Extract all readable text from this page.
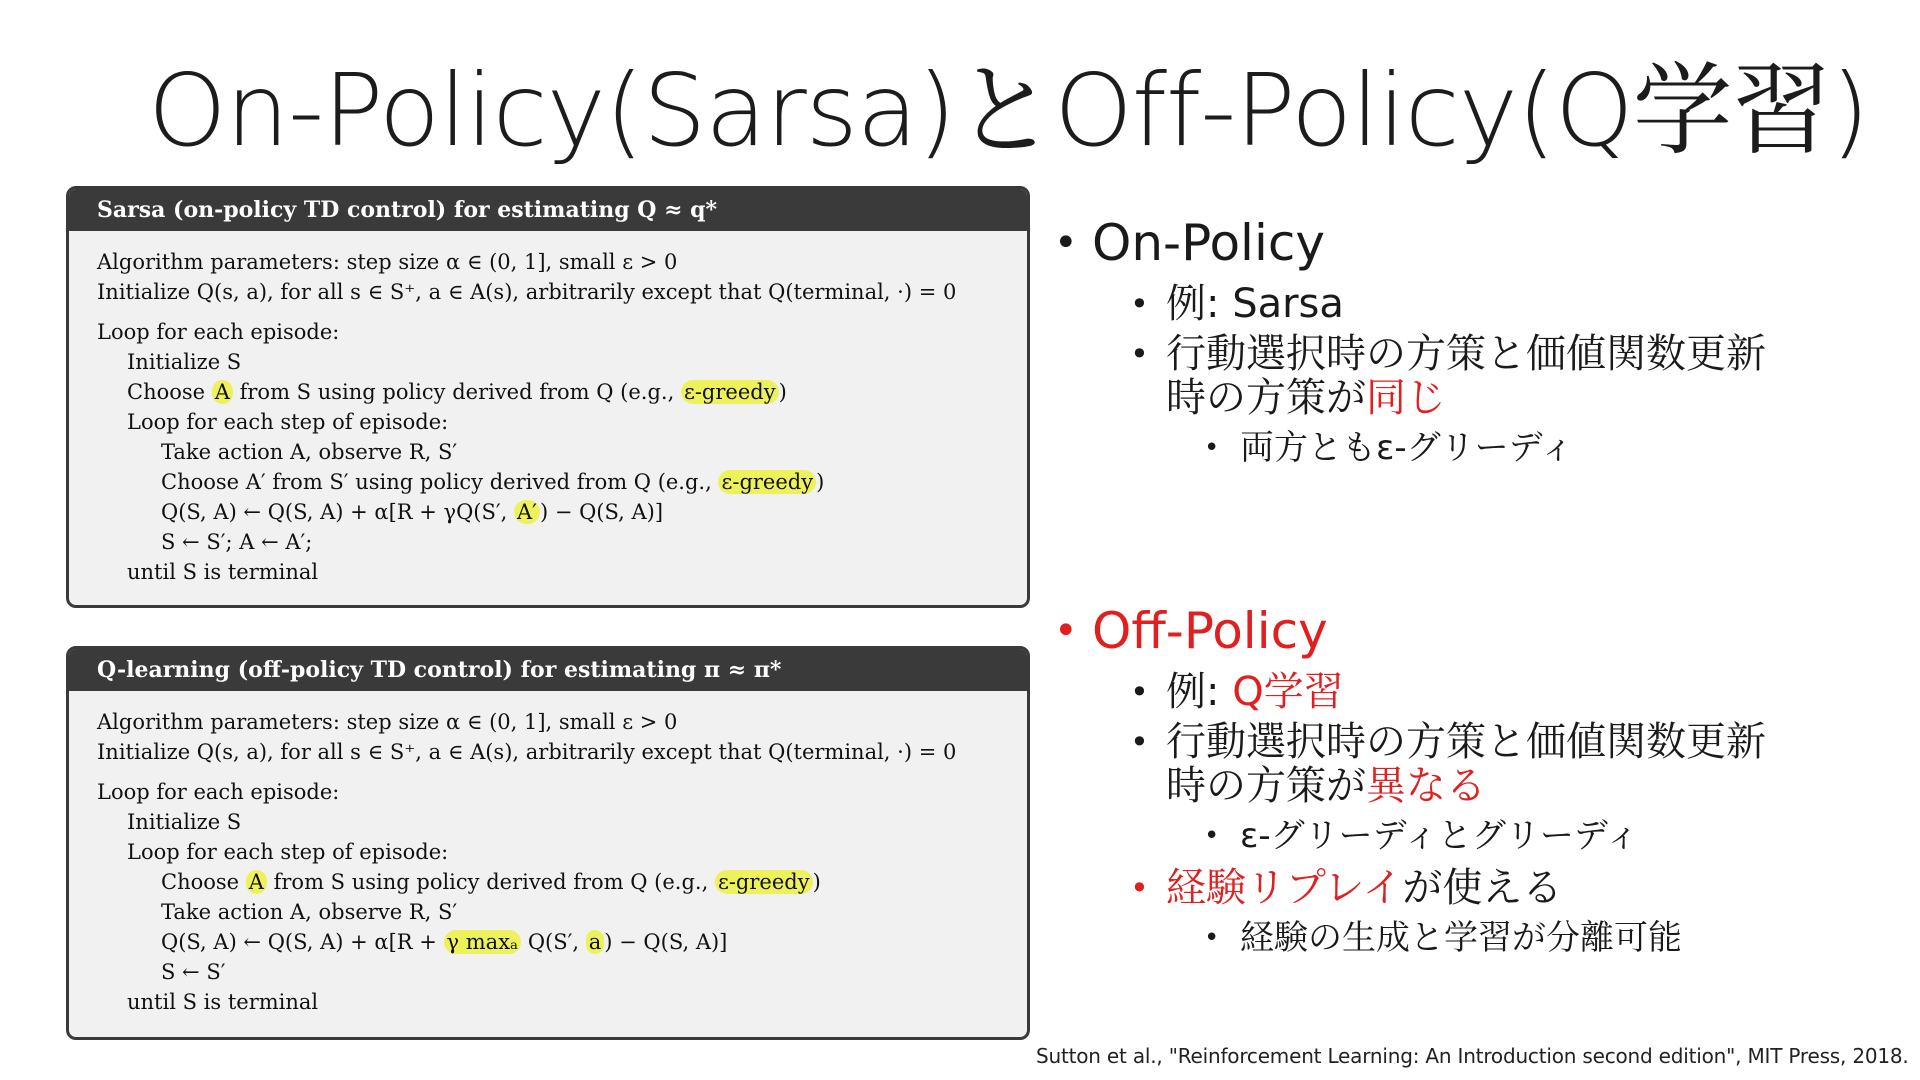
On-Policy(Sarsa)とOff-Policy(Q学習)
Sarsa (on-policy TD control) for estimating Q ≈ q*
Algorithm parameters: step size α ∈ (0, 1], small ε > 0
Initialize Q(s, a), for all s ∈ S⁺, a ∈ A(s), arbitrarily except that Q(terminal, ·) = 0
Loop for each episode:
Initialize S
Choose A from S using policy derived from Q (e.g., ε-greedy )
Loop for each step of episode:
Take action A, observe R, S′
Choose A′ from S′ using policy derived from Q (e.g., ε-greedy )
Q(S, A) ← Q(S, A) + α[R + γQ(S′, A′ ) − Q(S, A)]
S ← S′; A ← A′;
until S is terminal
Q-learning (off-policy TD control) for estimating π ≈ π*
Algorithm parameters: step size α ∈ (0, 1], small ε > 0
Initialize Q(s, a), for all s ∈ S⁺, a ∈ A(s), arbitrarily except that Q(terminal, ·) = 0
Loop for each episode:
Initialize S
Loop for each step of episode:
Choose A from S using policy derived from Q (e.g., ε-greedy )
Take action A, observe R, S′
Q(S, A) ← Q(S, A) + α[R + γ maxₐ Q(S′, a ) − Q(S, A)]
S ← S′
until S is terminal
• On-Policy
• 例: Sarsa
• 行動選択時の方策と価値関数更新
時の方策が同じ
• 両方ともε-グリーディ
• Off-Policy
• 例: Q学習
• 行動選択時の方策と価値関数更新
時の方策が異なる
• ε-グリーディとグリーディ
• 経験リプレイが使える
• 経験の生成と学習が分離可能
Sutton et al., "Reinforcement Learning: An Introduction second edition", MIT Press, 2018.
